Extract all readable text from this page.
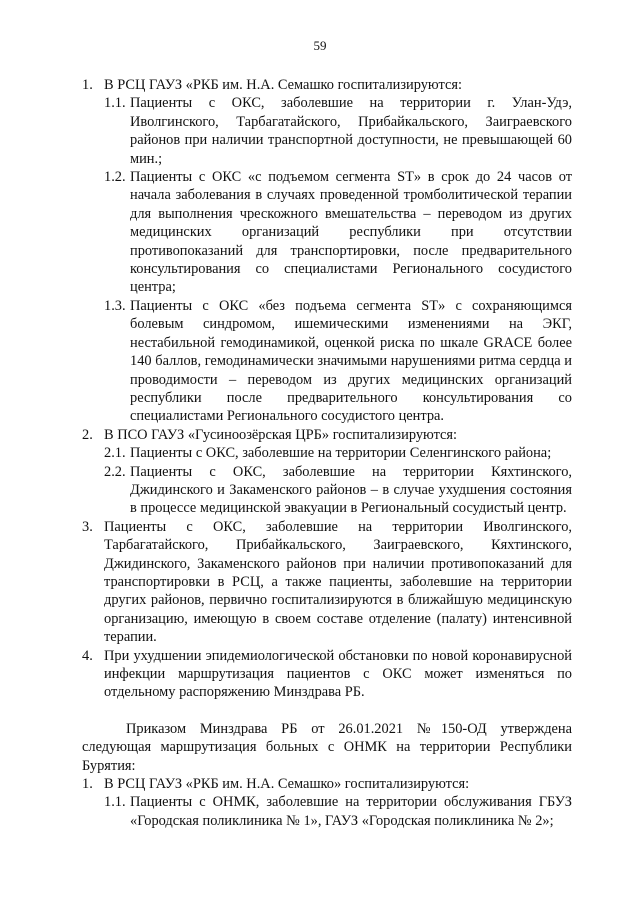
59
1. В РСЦ ГАУЗ «РКБ им. Н.А. Семашко госпитализируются:
1.1. Пациенты с ОКС, заболевшие на территории г. Улан-Удэ, Иволгинского, Тарбагатайского, Прибайкальского, Заиграевского районов при наличии транспортной доступности, не превышающей 60 мин.;
1.2. Пациенты с ОКС «с подъемом сегмента ST» в срок до 24 часов от начала заболевания в случаях проведенной тромболитической терапии для выполнения чрескожного вмешательства – переводом из других медицинских организаций республики при отсутствии противопоказаний для транспортировки, после предварительного консультирования со специалистами Регионального сосудистого центра;
1.3. Пациенты с ОКС «без подъема сегмента ST» с сохраняющимся болевым синдромом, ишемическими изменениями на ЭКГ, нестабильной гемодинамикой, оценкой риска по шкале GRACE более 140 баллов, гемодинамически значимыми нарушениями ритма сердца и проводимости – переводом из других медицинских организаций республики после предварительного консультирования со специалистами Регионального сосудистого центра.
2. В ПСО ГАУЗ «Гусиноозёрская ЦРБ» госпитализируются:
2.1. Пациенты с ОКС, заболевшие на территории Селенгинского района;
2.2. Пациенты с ОКС, заболевшие на территории Кяхтинского, Джидинского и Закаменского районов – в случае ухудшения состояния в процессе медицинской эвакуации в Региональный сосудистый центр.
3. Пациенты с ОКС, заболевшие на территории Иволгинского, Тарбагатайского, Прибайкальского, Заиграевского, Кяхтинского, Джидинского, Закаменского районов при наличии противопоказаний для транспортировки в РСЦ, а также пациенты, заболевшие на территории других районов, первично госпитализируются в ближайшую медицинскую организацию, имеющую в своем составе отделение (палату) интенсивной терапии.
4. При ухудшении эпидемиологической обстановки по новой коронавирусной инфекции маршрутизация пациентов с ОКС может изменяться по отдельному распоряжению Минздрава РБ.
Приказом Минздрава РБ от 26.01.2021 №150-ОД утверждена следующая маршрутизация больных с ОНМК на территории Республики Бурятия:
1. В РСЦ ГАУЗ «РКБ им. Н.А. Семашко» госпитализируются:
1.1. Пациенты с ОНМК, заболевшие на территории обслуживания ГБУЗ «Городская поликлиника № 1», ГАУЗ «Городская поликлиника № 2»;
